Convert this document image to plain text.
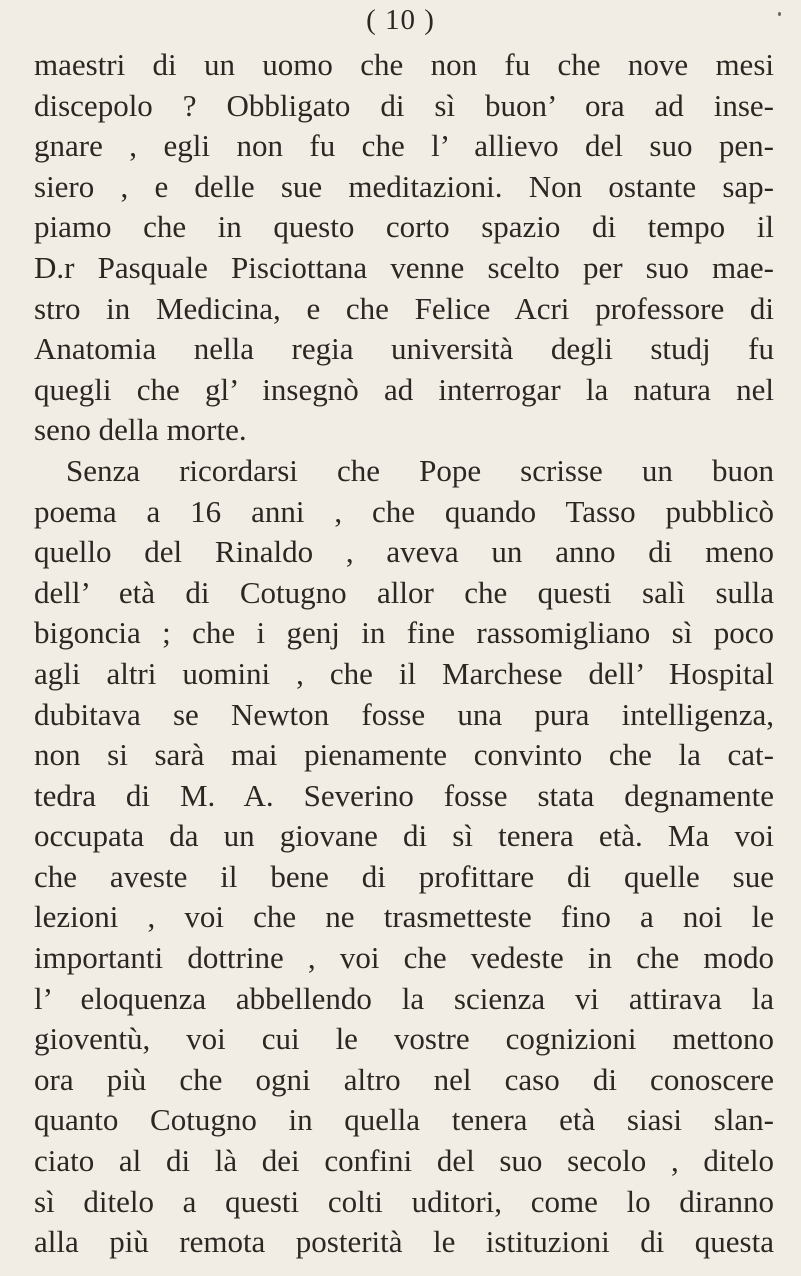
( 10 )
maestri di un uomo che non fu che nove mesi
discepolo ? Obbligato di sì buon’ ora ad inse-
gnare , egli non fu che l’ allievo del suo pen-
siero , e delle sue meditazioni. Non ostante sap-
piamo che in questo corto spazio di tempo il
D.r Pasquale Pisciottana venne scelto per suo mae-
stro in Medicina, e che Felice Acri professore di
Anatomia nella regia università degli studj fu
quegli che gl’ insegnò ad interrogar la natura nel
seno della morte.
Senza ricordarsi che Pope scrisse un buon
poema a 16 anni , che quando Tasso pubblicò
quello del Rinaldo , aveva un anno di meno
dell’ età di Cotugno allor che questi salì sulla
bigoncia ; che i genj in fine rassomigliano sì poco
agli altri uomini , che il Marchese dell’ Hospital
dubitava se Newton fosse una pura intelligenza,
non si sarà mai pienamente convinto che la cat-
tedra di M. A. Severino fosse stata degnamente
occupata da un giovane di sì tenera età. Ma voi
che aveste il bene di profittare di quelle sue
lezioni , voi che ne trasmetteste fino a noi le
importanti dottrine , voi che vedeste in che modo
l’ eloquenza abbellendo la scienza vi attirava la
gioventù, voi cui le vostre cognizioni mettono
ora più che ogni altro nel caso di conoscere
quanto Cotugno in quella tenera età siasi slan-
ciato al di là dei confini del suo secolo , ditelo
sì ditelo a questi colti uditori, come lo diranno
alla più remota posterità le istituzioni di questa
